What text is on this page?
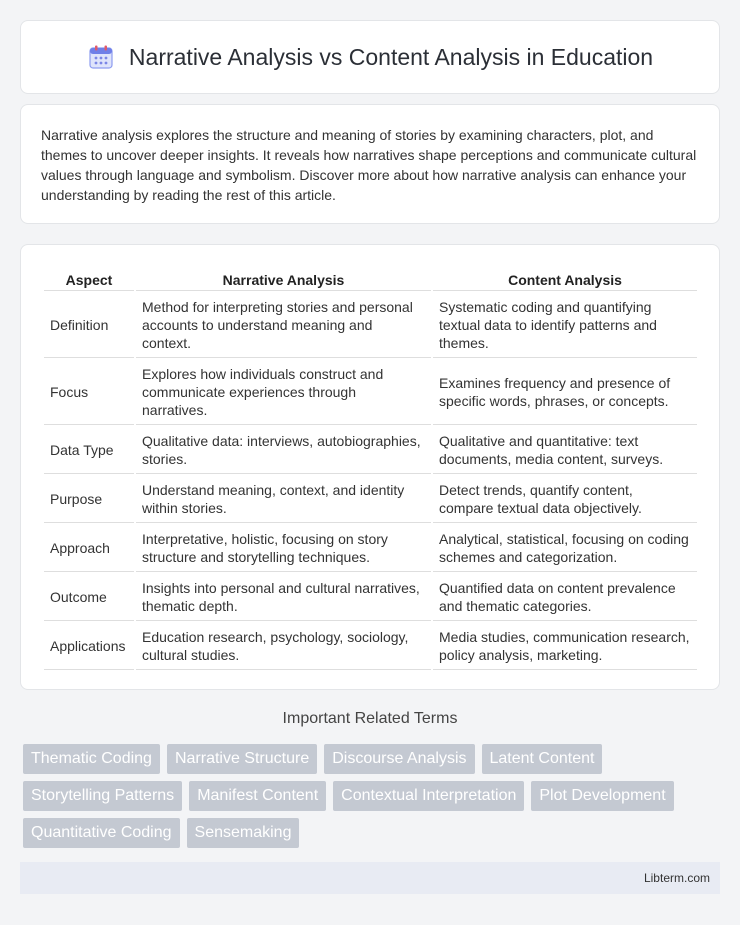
Narrative Analysis vs Content Analysis in Education

Narrative analysis explores the structure and meaning of stories by examining characters, plot, and themes to uncover deeper insights. It reveals how narratives shape perceptions and communicate cultural values through language and symbolism. Discover more about how narrative analysis can enhance your understanding by reading the rest of this article.

Aspect	Narrative Analysis	Content Analysis
Definition	Method for interpreting stories and personal accounts to understand meaning and context.	Systematic coding and quantifying textual data to identify patterns and themes.
Focus	Explores how individuals construct and communicate experiences through narratives.	Examines frequency and presence of specific words, phrases, or concepts.
Data Type	Qualitative data: interviews, autobiographies, stories.	Qualitative and quantitative: text documents, media content, surveys.
Purpose	Understand meaning, context, and identity within stories.	Detect trends, quantify content, compare textual data objectively.
Approach	Interpretative, holistic, focusing on story structure and storytelling techniques.	Analytical, statistical, focusing on coding schemes and categorization.
Outcome	Insights into personal and cultural narratives, thematic depth.	Quantified data on content prevalence and thematic categories.
Applications	Education research, psychology, sociology, cultural studies.	Media studies, communication research, policy analysis, marketing.
Important Related Terms
Thematic Coding	Narrative Structure	Discourse Analysis	Latent Content
Storytelling Patterns	Manifest Content	Contextual Interpretation	Plot Development
Quantitative Coding	Sensemaking
Libterm.com
